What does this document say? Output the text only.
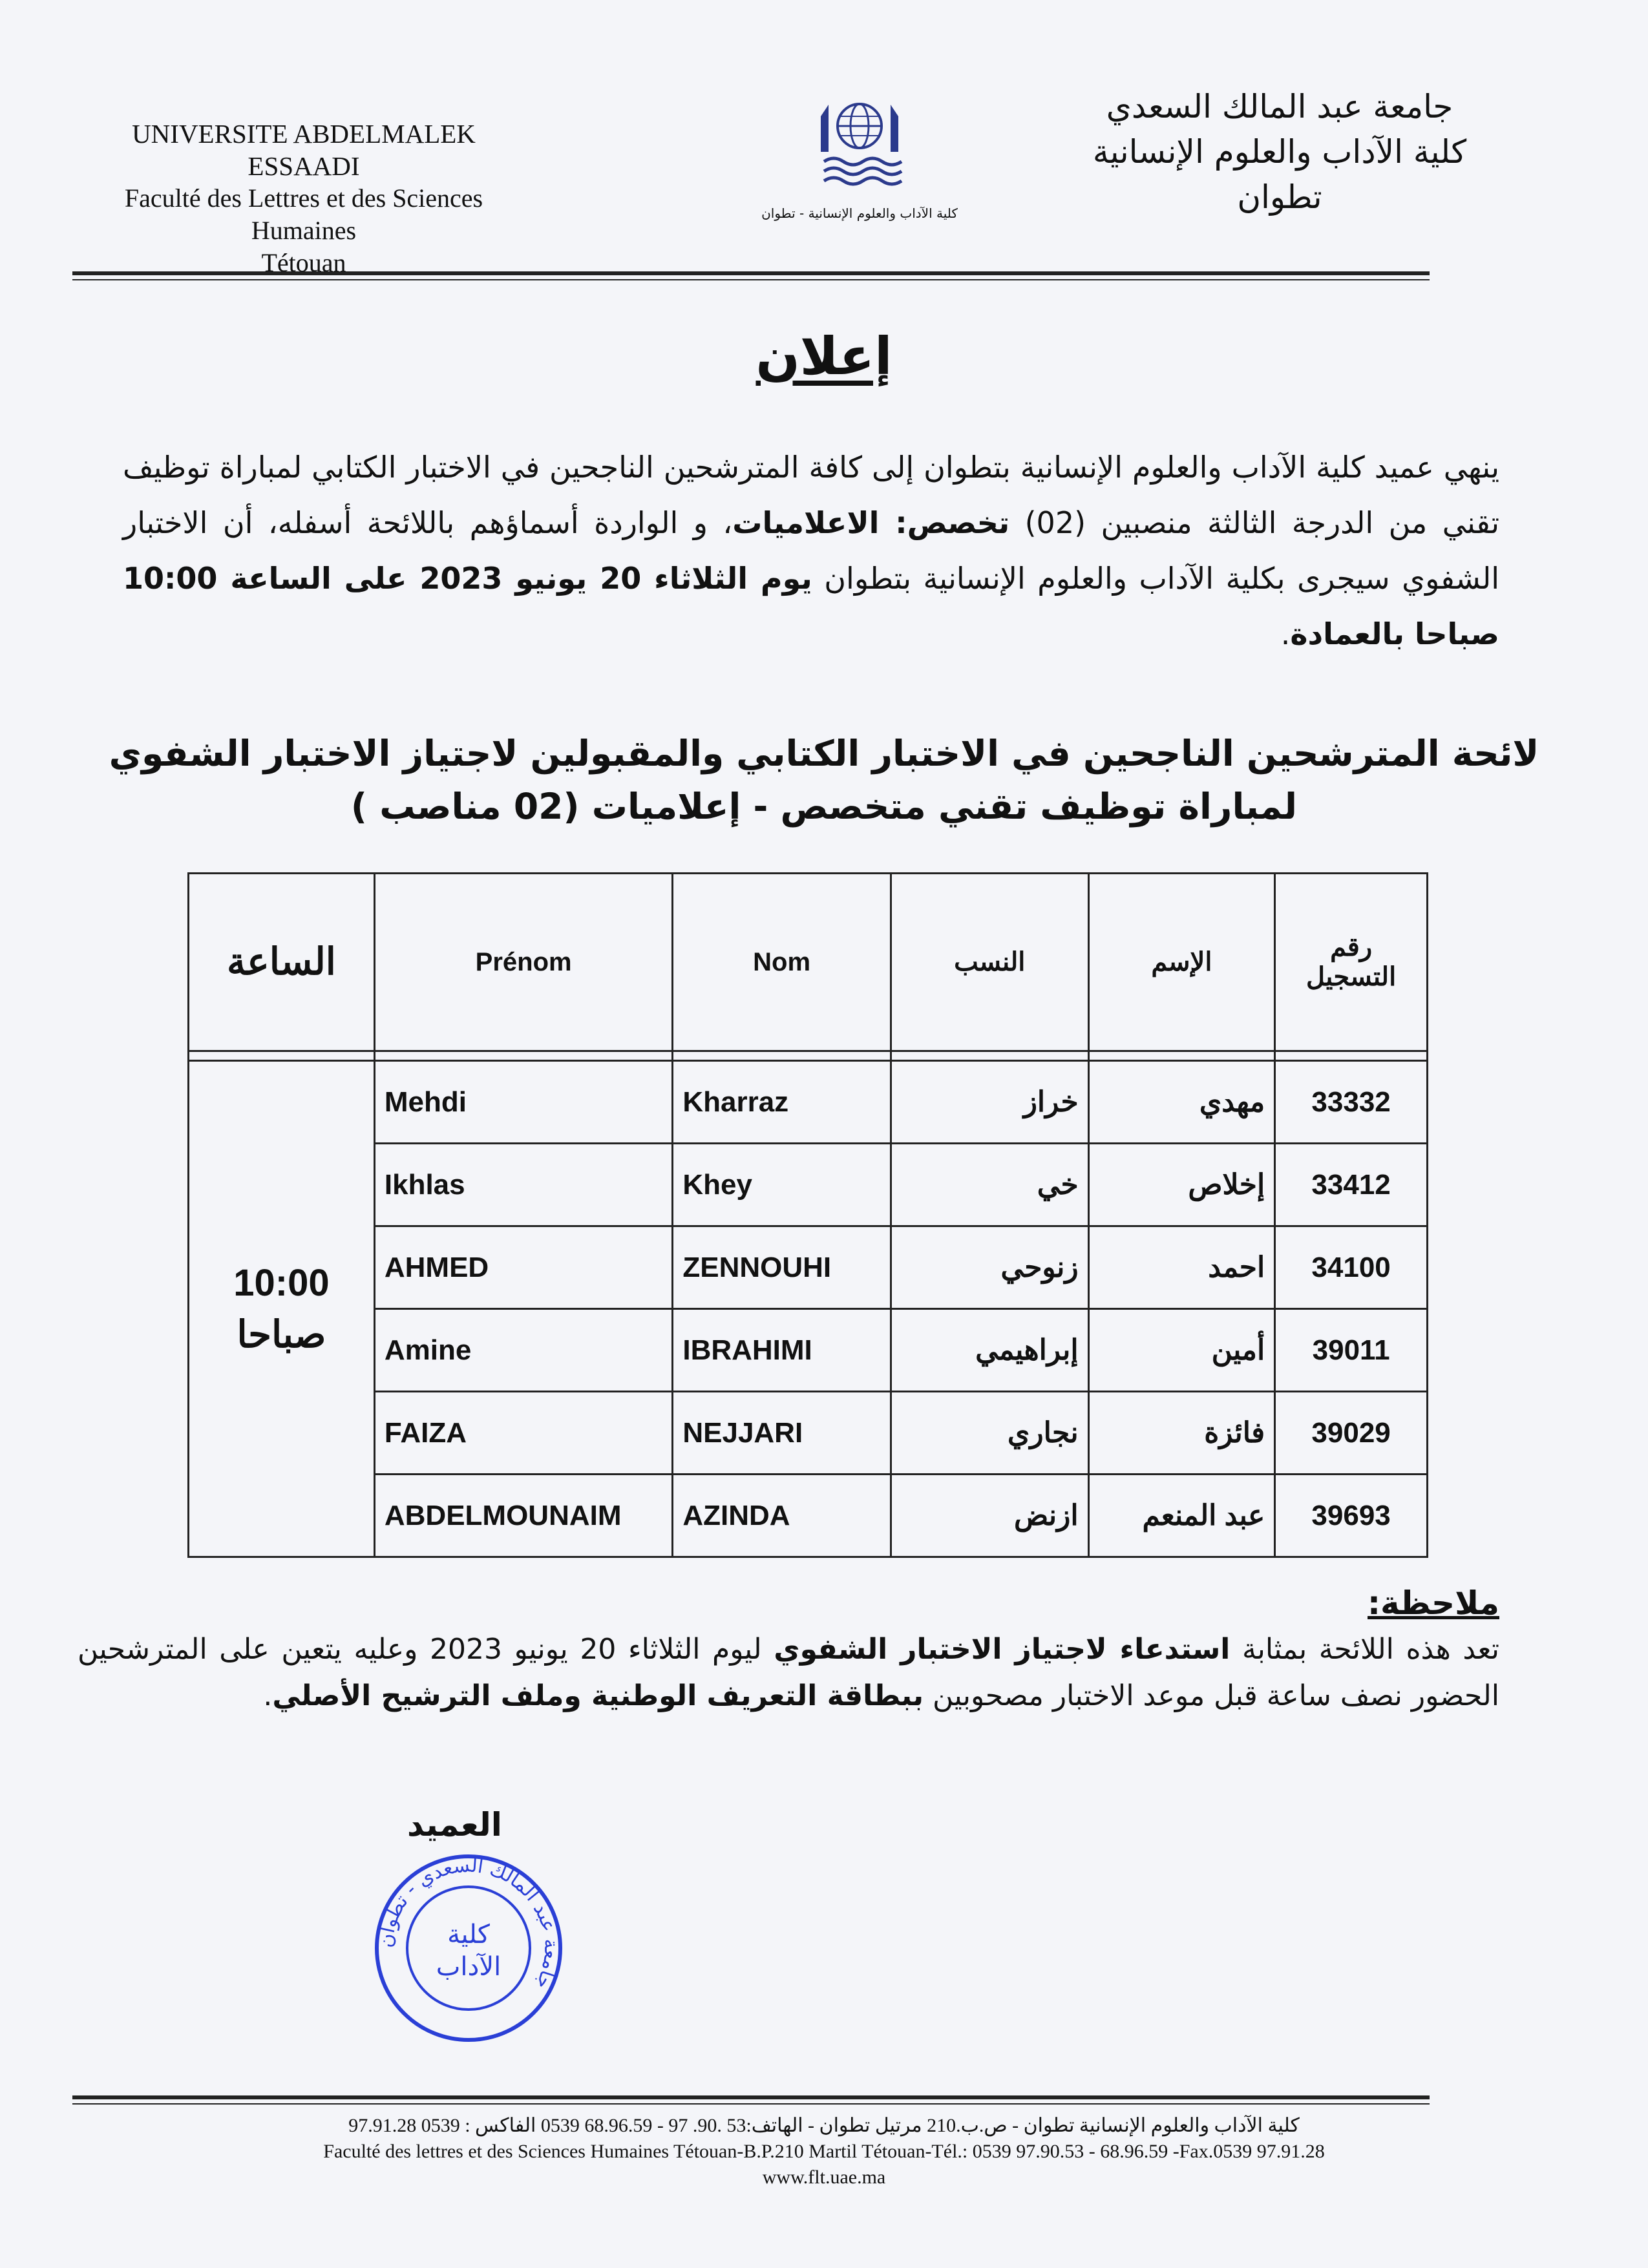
UNIVERSITE ABDELMALEK ESSAADI
Faculté des Lettres et des Sciences Humaines
Tétouan
كلية الآداب والعلوم الإنسانية - تطوان
جامعة عبد المالك السعدي
كلية الآداب والعلوم الإنسانية
تطوان
إعلان
ينهي عميد كلية الآداب والعلوم الإنسانية بتطوان إلى كافة المترشحين الناجحين في الاختبار الكتابي لمباراة توظيف تقني من الدرجة الثالثة منصبين (02) تخصص: الاعلاميات، و الواردة أسماؤهم باللائحة أسفله، أن الاختبار الشفوي سيجرى بكلية الآداب والعلوم الإنسانية بتطوان يوم الثلاثاء 20 يونيو 2023 على الساعة 10:00 صباحا بالعمادة.
لائحة المترشحين الناجحين في الاختبار الكتابي والمقبولين لاجتياز الاختبار الشفوي
لمباراة توظيف تقني متخصص - إعلاميات (02 مناصب )
رقم
التسجيل	الإسم	النسب	Nom	Prénom	الساعة

33332	مهدي	خراز	Kharraz	Mehdi	10:00
صباحا

33412	إخلاص	خي	Khey	Ikhlas	
34100	احمد	زنوحي	ZENNOUHI	AHMED	
39011	أمين	إبراهيمي	IBRAHIMI	Amine	
39029	فائزة	نجاري	NEJJARI	FAIZA	
39693	عبد المنعم	ازنض	AZINDA	ABDELMOUNAIM	
ملاحظة:
تعد هذه اللائحة بمثابة استدعاء لاجتياز الاختبار الشفوي ليوم الثلاثاء 20 يونيو 2023 وعليه يتعين على المترشحين الحضور نصف ساعة قبل موعد الاختبار مصحوبين ببطاقة التعريف الوطنية وملف الترشيح الأصلي.
العميد
جامعة عبد المالك السعدي - تطوان
كلية
الآداب
كلية الآداب والعلوم الإنسانية تطوان - ص.ب.210 مرتيل تطوان - الهاتف:53 .90. 97 - 68.96.59 0539 الفاكس : 0539 97.91.28
Faculté des lettres et des Sciences Humaines Tétouan-B.P.210 Martil Tétouan-Tél.: 0539 97.90.53 - 68.96.59 -Fax.0539 97.91.28
www.flt.uae.ma
